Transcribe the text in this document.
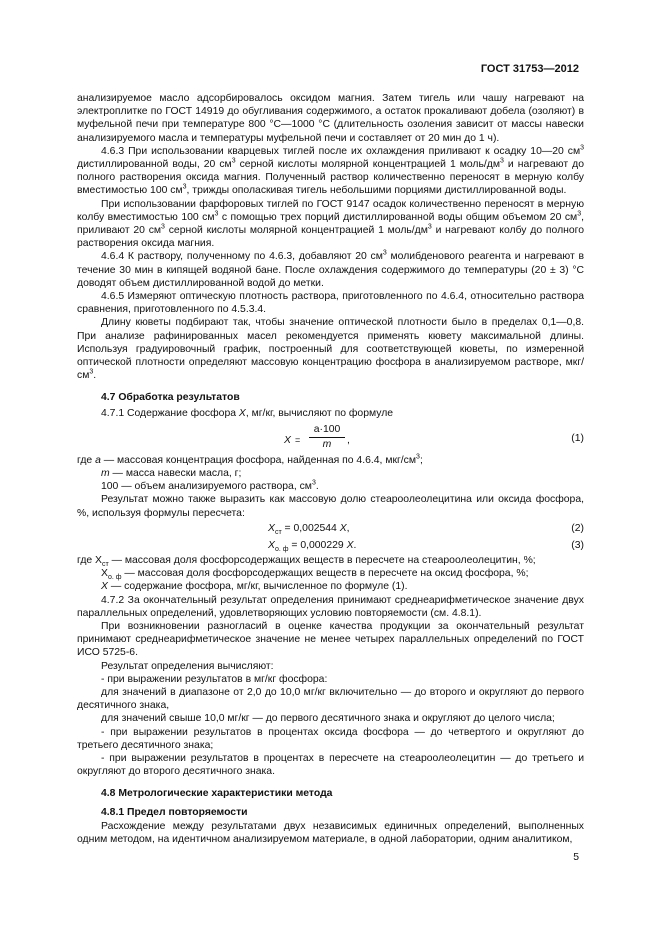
ГОСТ 31753—2012

анализируемое масло адсорбировалось оксидом магния. Затем тигель или чашу нагревают на электроплитке по ГОСТ 14919 до обугливания содержимого, а остаток прокаливают добела (озоляют) в муфельной печи при температуре 800 °С—1000 °С (длительность озоления зависит от массы навески анализируемого масла и температуры муфельной печи и составляет от 20 мин до 1 ч).

4.6.3 При использовании кварцевых тиглей после их охлаждения приливают к осадку 10—20 $см^3$ дистиллированной воды, 20 $см^3$ серной кислоты молярной концентрацией 1 моль/$дм^3$ и нагревают до полного растворения оксида магния. Полученный раствор количественно переносят в мерную колбу вместимостью 100 $см^3$, трижды ополаскивая тигель небольшими порциями дистиллированной воды.

При использовании фарфоровых тиглей по ГОСТ 9147 осадок количественно переносят в мерную колбу вместимостью 100 $см^3$ с помощью трех порций дистиллированной воды общим объемом 20 $см^3$, приливают 20 $см^3$ серной кислоты молярной концентрацией 1 моль/$дм^3$ и нагревают колбу до полного растворения оксида магния.

4.6.4 К раствору, полученному по 4.6.3, добавляют 20 $см^3$ молибденового реагента и нагревают в течение 30 мин в кипящей водяной бане. После охлаждения содержимого до температуры (20 ± 3) °С доводят объем дистиллированной водой до метки.

4.6.5 Измеряют оптическую плотность раствора, приготовленного по 4.6.4, относительно раствора сравнения, приготовленного по 4.5.3.4.

Длину кюветы подбирают так, чтобы значение оптической плотности было в пределах 0,1—0,8. При анализе рафинированных масел рекомендуется применять кювету максимальной длины. Используя градуировочный график, построенный для соответствующей кюветы, по измеренной оптической плотности определяют массовую концентрацию фосфора в анализируемом растворе, мкг/$см^3$.

4.7 Обработка результатов

4.7.1 Содержание фосфора X, мг/кг, вычисляют по формуле

$X = \frac{a\cdot 100}{m}$ ,	(1)

где a — массовая концентрация фосфора, найденная по 4.6.4, мкг/$см^3$;

m — масса навески масла, г;

100 — объем анализируемого раствора, $см^3$.

Результат можно также выразить как массовую долю стеароолеолецитина или оксида фосфора, %, используя формулы пересчета:

$X_{ст} = 0,002544$ X,	(2)
$X_{о. ф} = 0,000229$ X.	(3)

где $X_{ст}$ — массовая доля фосфорсодержащих веществ в пересчете на стеароолеолецитин, %;

$X_{о. ф}$ — массовая доля фосфорсодержащих веществ в пересчете на оксид фосфора, %;

X — содержание фосфора, мг/кг, вычисленное по формуле (1).

4.7.2 За окончательный результат определения принимают среднеарифметическое значение двух параллельных определений, удовлетворяющих условию повторяемости (см. 4.8.1).

При возникновении разногласий в оценке качества продукции за окончательный результат принимают среднеарифметическое значение не менее четырех параллельных определений по ГОСТ ИСО 5725-6.

Результат определения вычисляют:

- при выражении результатов в мг/кг фосфора:

для значений в диапазоне от 2,0 до 10,0 мг/кг включительно — до второго и округляют до первого десятичного знака,

для значений свыше 10,0 мг/кг — до первого десятичного знака и округляют до целого числа;

- при выражении результатов в процентах оксида фосфора — до четвертого и округляют до третьего десятичного знака;

- при выражении результатов в процентах в пересчете на стеароолеолецитин — до третьего и округляют до второго десятичного знака.

4.8 Метрологические характеристики метода

4.8.1 Предел повторяемости

Расхождение между результатами двух независимых единичных определений, выполненных одним методом, на идентичном анализируемом материале, в одной лаборатории, одним аналитиком,

5
